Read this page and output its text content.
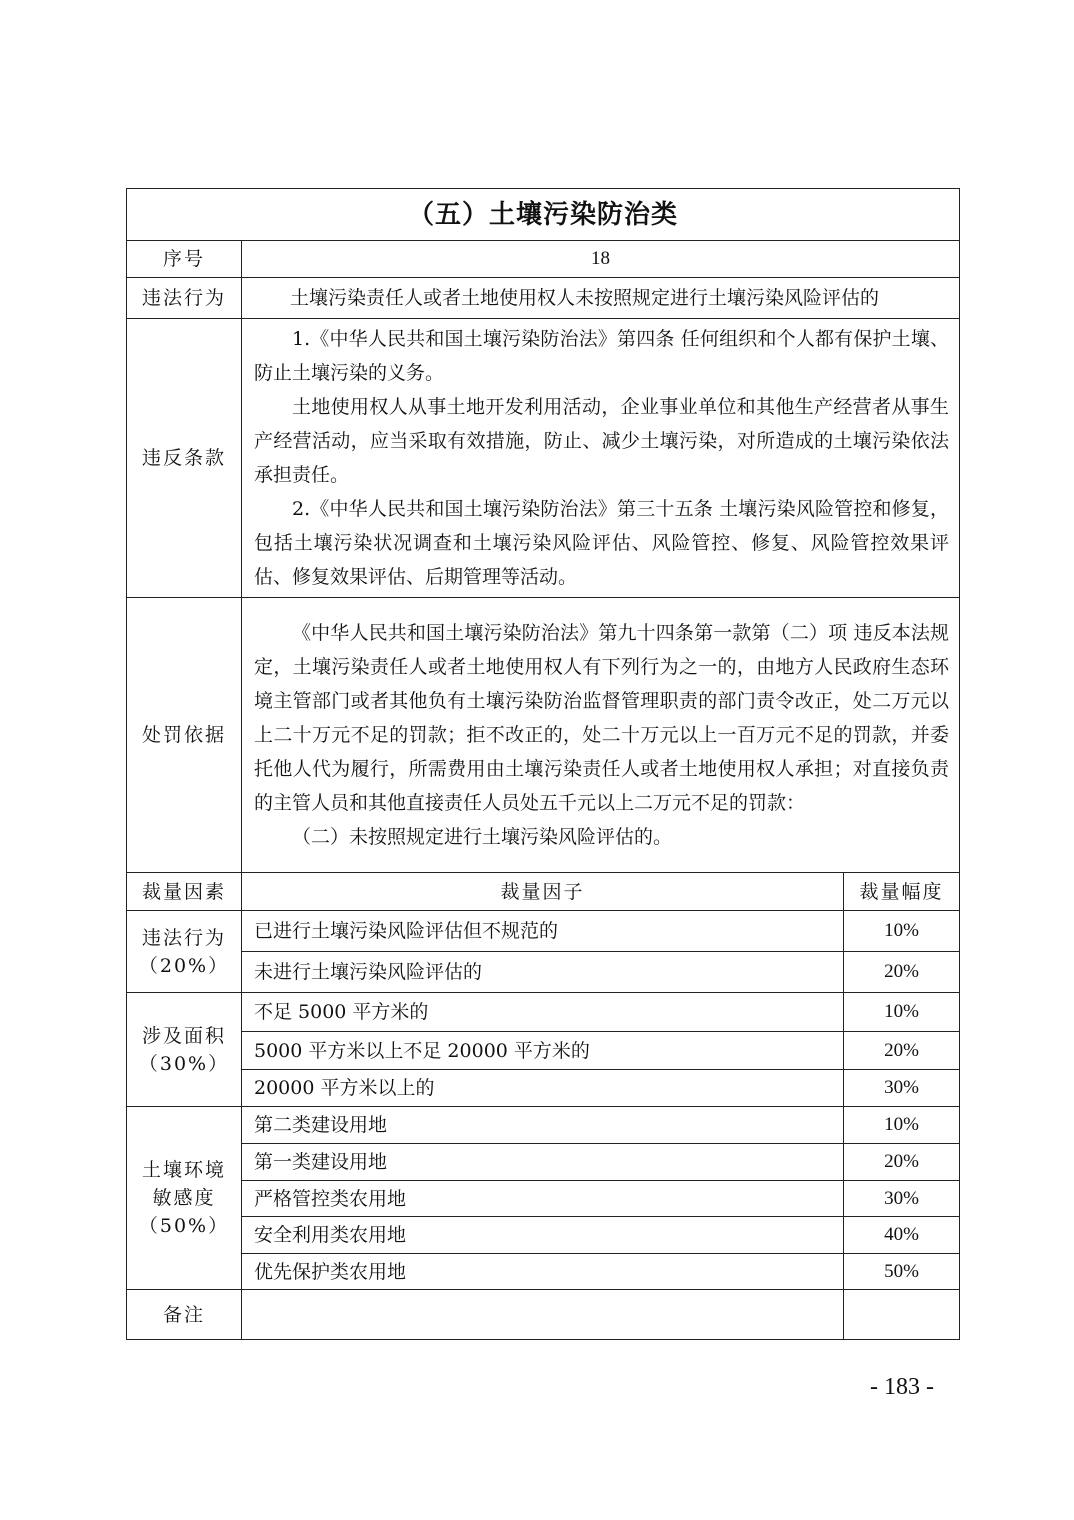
（五）土壤污染防治类		
序号	18	
违法行为	土壤污染责任人或者土地使用权人未按照规定进行土壤污染风险评估的	
违反条款	1.《中华人民共和国土壤污染防治法》第四条 任何组织和个人都有保护土壤、防止土壤污染的义务。

土地使用权人从事土地开发利用活动，企业事业单位和其他生产经营者从事生产经营活动，应当采取有效措施，防止、减少土壤污染，对所造成的土壤污染依法承担责任。

2.《中华人民共和国土壤污染防治法》第三十五条 土壤污染风险管控和修复，包括土壤污染状况调查和土壤污染风险评估、风险管控、修复、风险管控效果评估、修复效果评估、后期管理等活动。	

处罚依据	《中华人民共和国土壤污染防治法》第九十四条第一款第（二）项 违反本法规定，土壤污染责任人或者土地使用权人有下列行为之一的，由地方人民政府生态环境主管部门或者其他负有土壤污染防治监督管理职责的部门责令改正，处二万元以上二十万元不足的罚款；拒不改正的，处二十万元以上一百万元不足的罚款，并委托他人代为履行，所需费用由土壤污染责任人或者土地使用权人承担；对直接负责的主管人员和其他直接责任人员处五千元以上二万元不足的罚款：

（二）未按照规定进行土壤污染风险评估的。	

裁量因素	裁量因子	裁量幅度

违法行为
（20%）	已进行土壤污染风险评估但不规范的	10%
	未进行土壤污染风险评估的	20%

涉及面积
（30%）	不足 5000 平方米的	10%
	5000 平方米以上不足 20000 平方米的	20%
	20000 平方米以上的	30%

土壤环境
敏感度
（50%）	第二类建设用地	10%
	第一类建设用地	20%
	严格管控类农用地	30%
	安全利用类农用地	40%
	优先保护类农用地	50%
备注		
- 183 -
